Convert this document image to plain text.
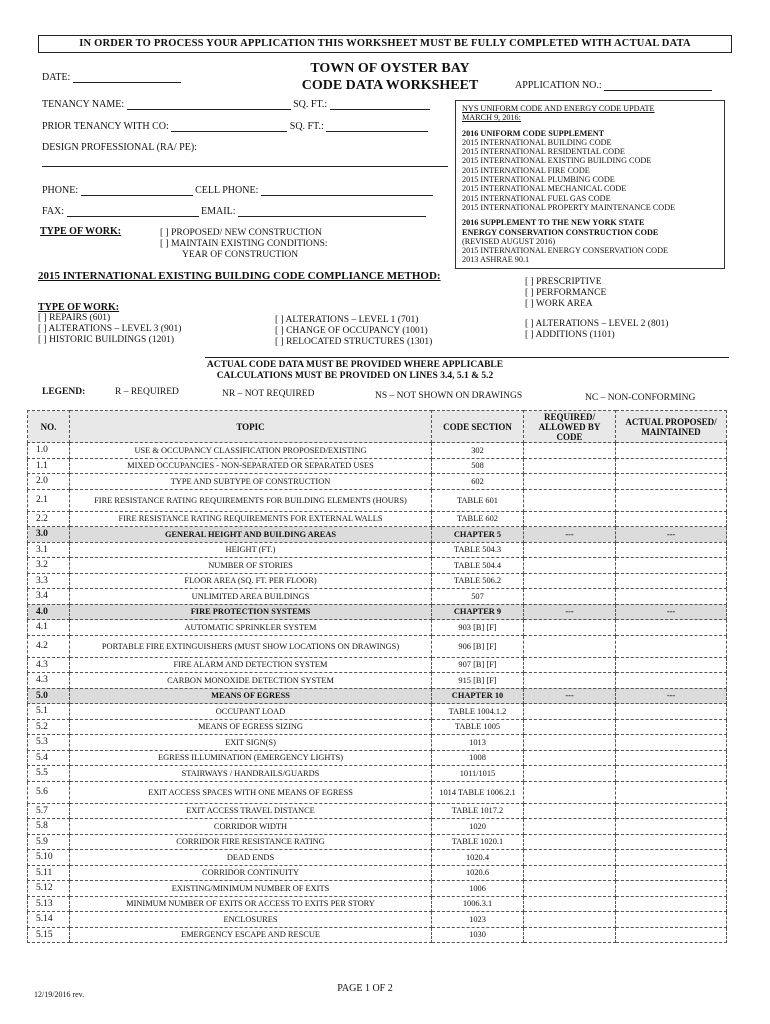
IN ORDER TO PROCESS YOUR APPLICATION THIS WORKSHEET MUST BE FULLY COMPLETED WITH ACTUAL DATA
TOWN OF OYSTER BAY
CODE DATA WORKSHEET
DATE:
APPLICATION NO.:
TENANCY NAME:	SQ. FT.:
PRIOR TENANCY WITH CO:	SQ. FT.:
DESIGN PROFESSIONAL (RA/ PE):
PHONE:	CELL PHONE:
FAX:	EMAIL:
TYPE OF WORK:	[ ] PROPOSED/ NEW CONSTRUCTION
[ ] MAINTAIN EXISTING CONDITIONS:
YEAR OF CONSTRUCTION
NYS UNIFORM CODE AND ENERGY CODE UPDATE
MARCH 9, 2016:
2016 UNIFORM CODE SUPPLEMENT
2015 INTERNATIONAL BUILDING CODE
2015 INTERNATIONAL RESIDENTIAL CODE
2015 INTERNATIONAL EXISTING BUILDING CODE
2015 INTERNATIONAL FIRE CODE
2015 INTERNATIONAL PLUMBING CODE
2015 INTERNATIONAL MECHANICAL CODE
2015 INTERNATIONAL FUEL GAS CODE
2015 INTERNATIONAL PROPERTY MAINTENANCE CODE
2016 SUPPLEMENT TO THE NEW YORK STATE
ENERGY CONSERVATION CONSTRUCTION CODE
(REVISED AUGUST 2016)
2015 INTERNATIONAL ENERGY CONSERVATION CODE
2013 ASHRAE 90.1
2015 INTERNATIONAL EXISTING BUILDING CODE COMPLIANCE METHOD:	[ ] PRESCRIPTIVE
[ ] PERFORMANCE
[ ] WORK AREA
TYPE OF WORK:
[ ] REPAIRS (601)
[ ] ALTERATIONS – LEVEL 3 (901)
[ ] HISTORIC BUILDINGS (1201)
[ ] ALTERATIONS – LEVEL 1 (701)
[ ] CHANGE OF OCCUPANCY (1001)
[ ] RELOCATED STRUCTURES (1301)
[ ] ALTERATIONS – LEVEL 2 (801)
[ ] ADDITIONS (1101)
ACTUAL CODE DATA MUST BE PROVIDED WHERE APPLICABLE
CALCULATIONS MUST BE PROVIDED ON LINES 3.4, 5.1 & 5.2
LEGEND:	R – REQUIRED	NR – NOT REQUIRED	NS – NOT SHOWN ON DRAWINGS	NC – NON-CONFORMING
NO.	TOPIC	CODE SECTION	REQUIRED/ ALLOWED BY CODE	ACTUAL PROPOSED/ MAINTAINED
1.0	USE & OCCUPANCY CLASSIFICATION PROPOSED/EXISTING	302		
1.1	MIXED OCCUPANCIES - NON-SEPARATED OR SEPARATED USES	508		
2.0	TYPE AND SUBTYPE OF CONSTRUCTION	602		
2.1	FIRE RESISTANCE RATING REQUIREMENTS FOR BUILDING ELEMENTS (HOURS)	TABLE 601		
2.2	FIRE RESISTANCE RATING REQUIREMENTS FOR EXTERNAL WALLS	TABLE 602		
3.0	GENERAL HEIGHT AND BUILDING AREAS	CHAPTER 5	---	---
3.1	HEIGHT (FT.)	TABLE 504.3		
3.2	NUMBER OF STORIES	TABLE 504.4		
3.3	FLOOR AREA (SQ. FT. PER FLOOR)	TABLE 506.2		
3.4	UNLIMITED AREA BUILDINGS	507		
4.0	FIRE PROTECTION SYSTEMS	CHAPTER 9	---	---
4.1	AUTOMATIC SPRINKLER SYSTEM	903 [B] [F]		
4.2	PORTABLE FIRE EXTINGUISHERS (MUST SHOW LOCATIONS ON DRAWINGS)	906 [B] [F]		
4.3	FIRE ALARM AND DETECTION SYSTEM	907 [B] [F]		
4.3	CARBON MONOXIDE DETECTION SYSTEM	915 [B] [F]		
5.0	MEANS OF EGRESS	CHAPTER 10	---	---
5.1	OCCUPANT LOAD	TABLE 1004.1.2		
5.2	MEANS OF EGRESS SIZING	TABLE 1005		
5.3	EXIT SIGN(S)	1013		
5.4	EGRESS ILLUMINATION (EMERGENCY LIGHTS)	1008		
5.5	STAIRWAYS / HANDRAILS/GUARDS	1011/1015		
5.6	EXIT ACCESS SPACES WITH ONE MEANS OF EGRESS	1014 TABLE 1006.2.1		
5.7	EXIT ACCESS TRAVEL DISTANCE	TABLE 1017.2		
5.8	CORRIDOR WIDTH	1020		
5.9	CORRIDOR FIRE RESISTANCE RATING	TABLE 1020.1		
5.10	DEAD ENDS	1020.4		
5.11	CORRIDOR CONTINUITY	1020.6		
5.12	EXISTING/MINIMUM NUMBER OF EXITS	1006		
5.13	MINIMUM NUMBER OF EXITS OR ACCESS TO EXITS PER STORY	1006.3.1		
5.14	ENCLOSURES	1023		
5.15	EMERGENCY ESCAPE AND RESCUE	1030		
12/19/2016 rev.
PAGE 1 OF 2
